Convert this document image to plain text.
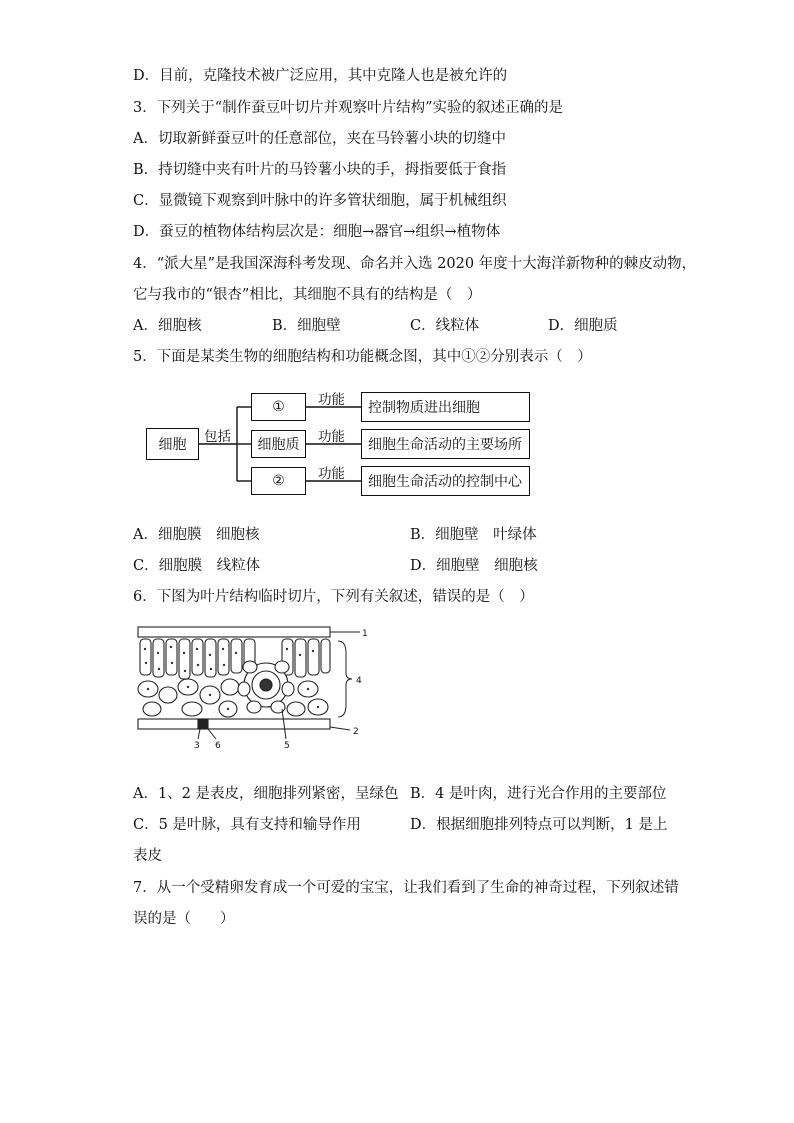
D．目前，克隆技术被广泛应用，其中克隆人也是被允许的
3．下列关于“制作蚕豆叶切片并观察叶片结构”实验的叙述正确的是
A．切取新鲜蚕豆叶的任意部位，夹在马铃薯小块的切缝中
B．持切缝中夹有叶片的马铃薯小块的手，拇指要低于食指
C．显微镜下观察到叶脉中的许多管状细胞，属于机械组织
D．蚕豆的植物体结构层次是：细胞→器官→组织→植物体
4．“派大星”是我国深海科考发现、命名并入选 2020 年度十大海洋新物种的棘皮动物，
它与我市的“银杏”相比，其细胞不具有的结构是（　）
A．细胞核	B．细胞壁	C．线粒体	D．细胞质
5．下面是某类生物的细胞结构和功能概念图，其中①②分别表示（　）
细胞	包括
①
细胞质
②
功能
功能
功能
控制物质进出细胞
细胞生命活动的主要场所
细胞生命活动的控制中心
A．细胞膜　细胞核	B．细胞壁　叶绿体
C．细胞膜　线粒体	D．细胞壁　细胞核
6．下图为叶片结构临时切片，下列有关叙述，错误的是（　）
1
2
3
4
5
6
A．1、2 是表皮，细胞排列紧密，呈绿色 B．4 是叶肉，进行光合作用的主要部位
C．5 是叶脉，具有支持和输导作用	D．根据细胞排列特点可以判断，1 是上
表皮
7．从一个受精卵发育成一个可爱的宝宝，让我们看到了生命的神奇过程，下列叙述错
误的是（　　）
